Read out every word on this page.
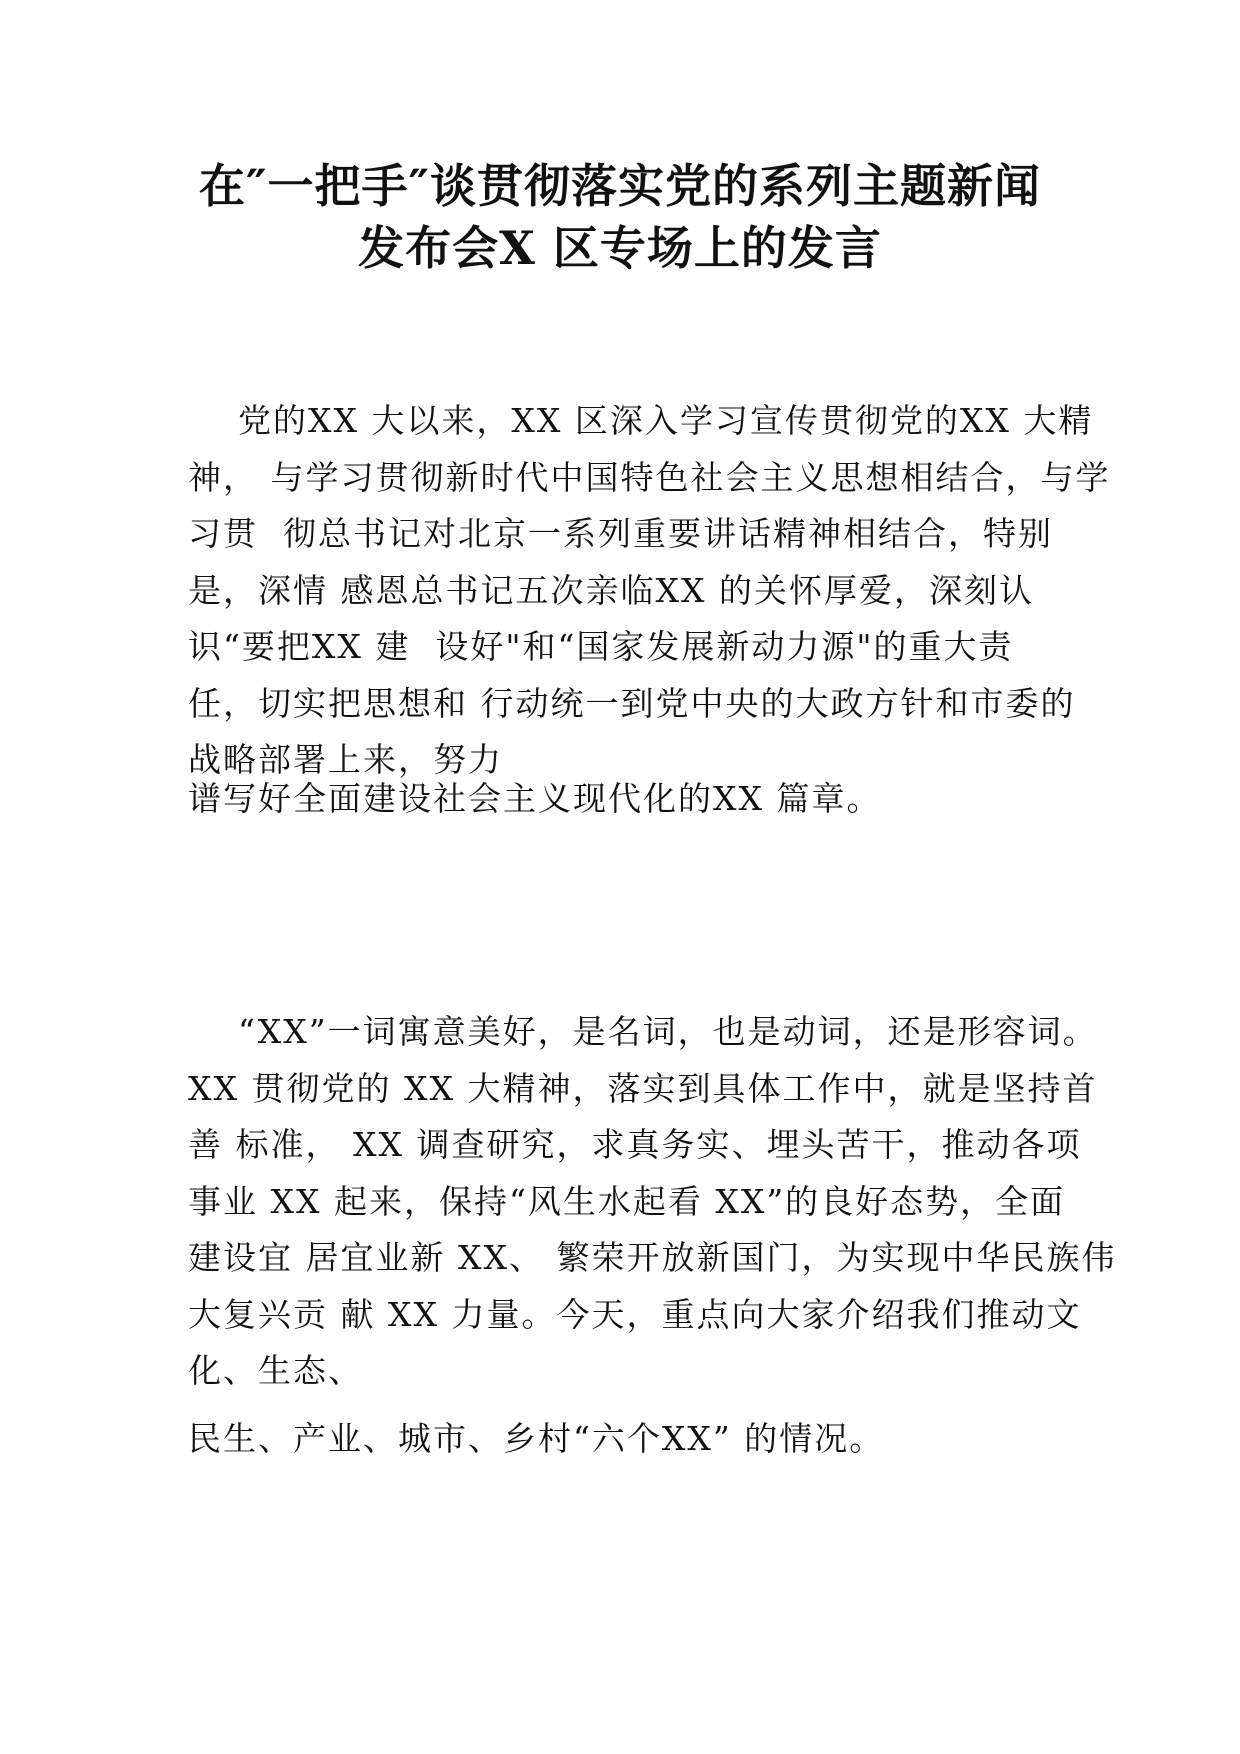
在″一把手″谈贯彻落实党的系列主题新闻
发布会X 区专场上的发言
党的XX 大以来，XX 区深入学习宣传贯彻党的XX 大精
神， 与学习贯彻新时代中国特色社会主义思想相结合，与学
习贯  彻总书记对北京一系列重要讲话精神相结合，特别
是，深情 感恩总书记五次亲临XX 的关怀厚爱，深刻认
识“要把XX 建  设好"和“国家发展新动力源"的重大责
任，切实把思想和 行动统一到党中央的大政方针和市委的
战略部署上来，努力
谱写好全面建设社会主义现代化的XX 篇章。
“XX”一词寓意美好，是名词，也是动词，还是形容词。
XX 贯彻党的 XX 大精神，落实到具体工作中，就是坚持首
善 标准， XX 调查研究，求真务实、埋头苦干，推动各项
事业 XX 起来，保持“风生水起看 XX”的良好态势，全面
建设宜 居宜业新 XX、 繁荣开放新国门，为实现中华民族伟
大复兴贡 献 XX 力量。今天，重点向大家介绍我们推动文
化、生态、
民生、产业、城市、乡村“六个XX” 的情况。
